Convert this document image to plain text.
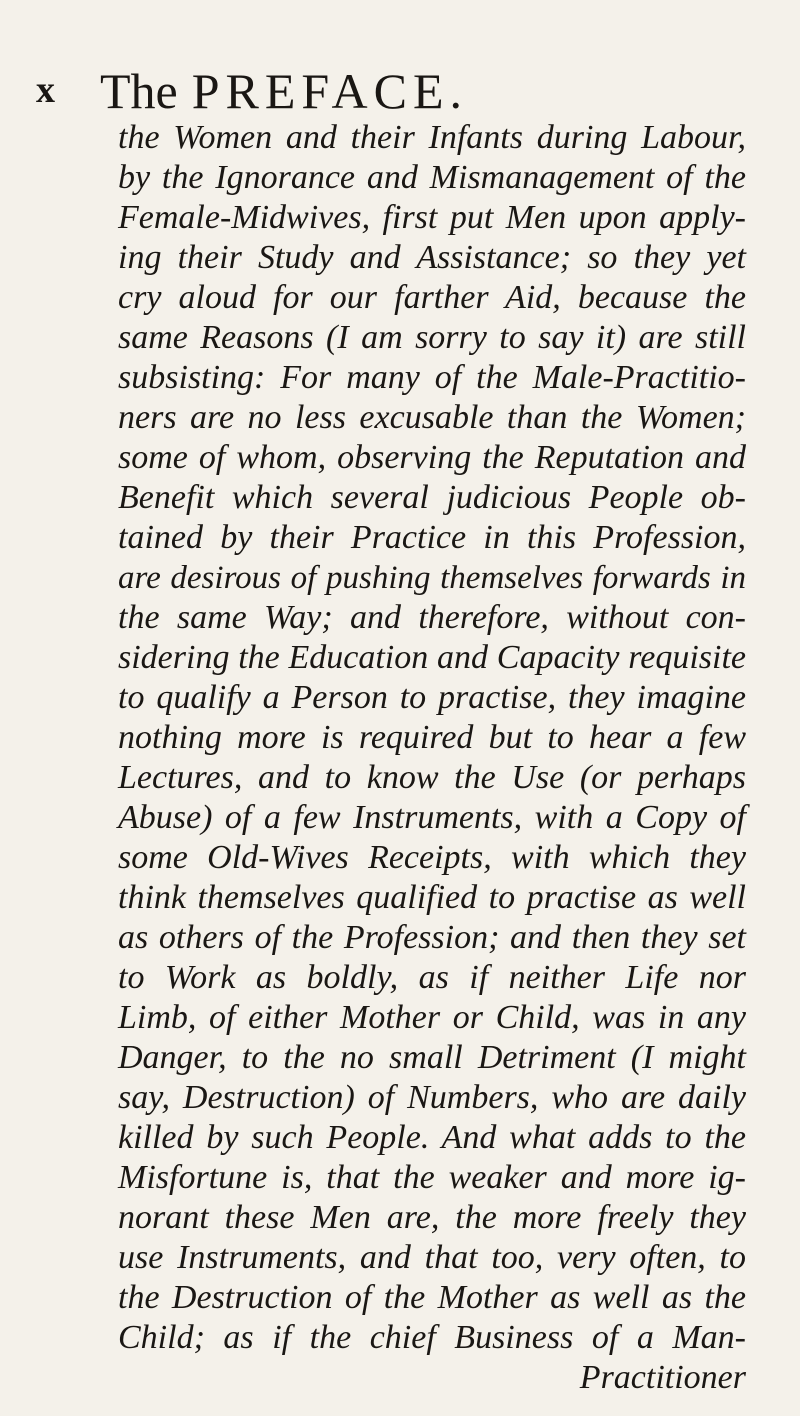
x The PREFACE.
the Women and their Infants during Labour,
by the Ignorance and Mismanagement of the
Female-Midwives, first put Men upon apply-
ing their Study and Assistance; so they yet
cry aloud for our farther Aid, because the
same Reasons (I am sorry to say it) are still
subsisting: For many of the Male-Practitio-
ners are no less excusable than the Women;
some of whom, observing the Reputation and
Benefit which several judicious People ob-
tained by their Practice in this Profession,
are desirous of pushing themselves forwards in
the same Way; and therefore, without con-
sidering the Education and Capacity requisite
to qualify a Person to practise, they imagine
nothing more is required but to hear a few
Lectures, and to know the Use (or perhaps
Abuse) of a few Instruments, with a Copy of
some Old-Wives Receipts, with which they
think themselves qualified to practise as well
as others of the Profession; and then they set
to Work as boldly, as if neither Life nor
Limb, of either Mother or Child, was in any
Danger, to the no small Detriment (I might
say, Destruction) of Numbers, who are daily
killed by such People. And what adds to the
Misfortune is, that the weaker and more ig-
norant these Men are, the more freely they
use Instruments, and that too, very often, to
the Destruction of the Mother as well as the
Child; as if the chief Business of a Man-
Practitioner
